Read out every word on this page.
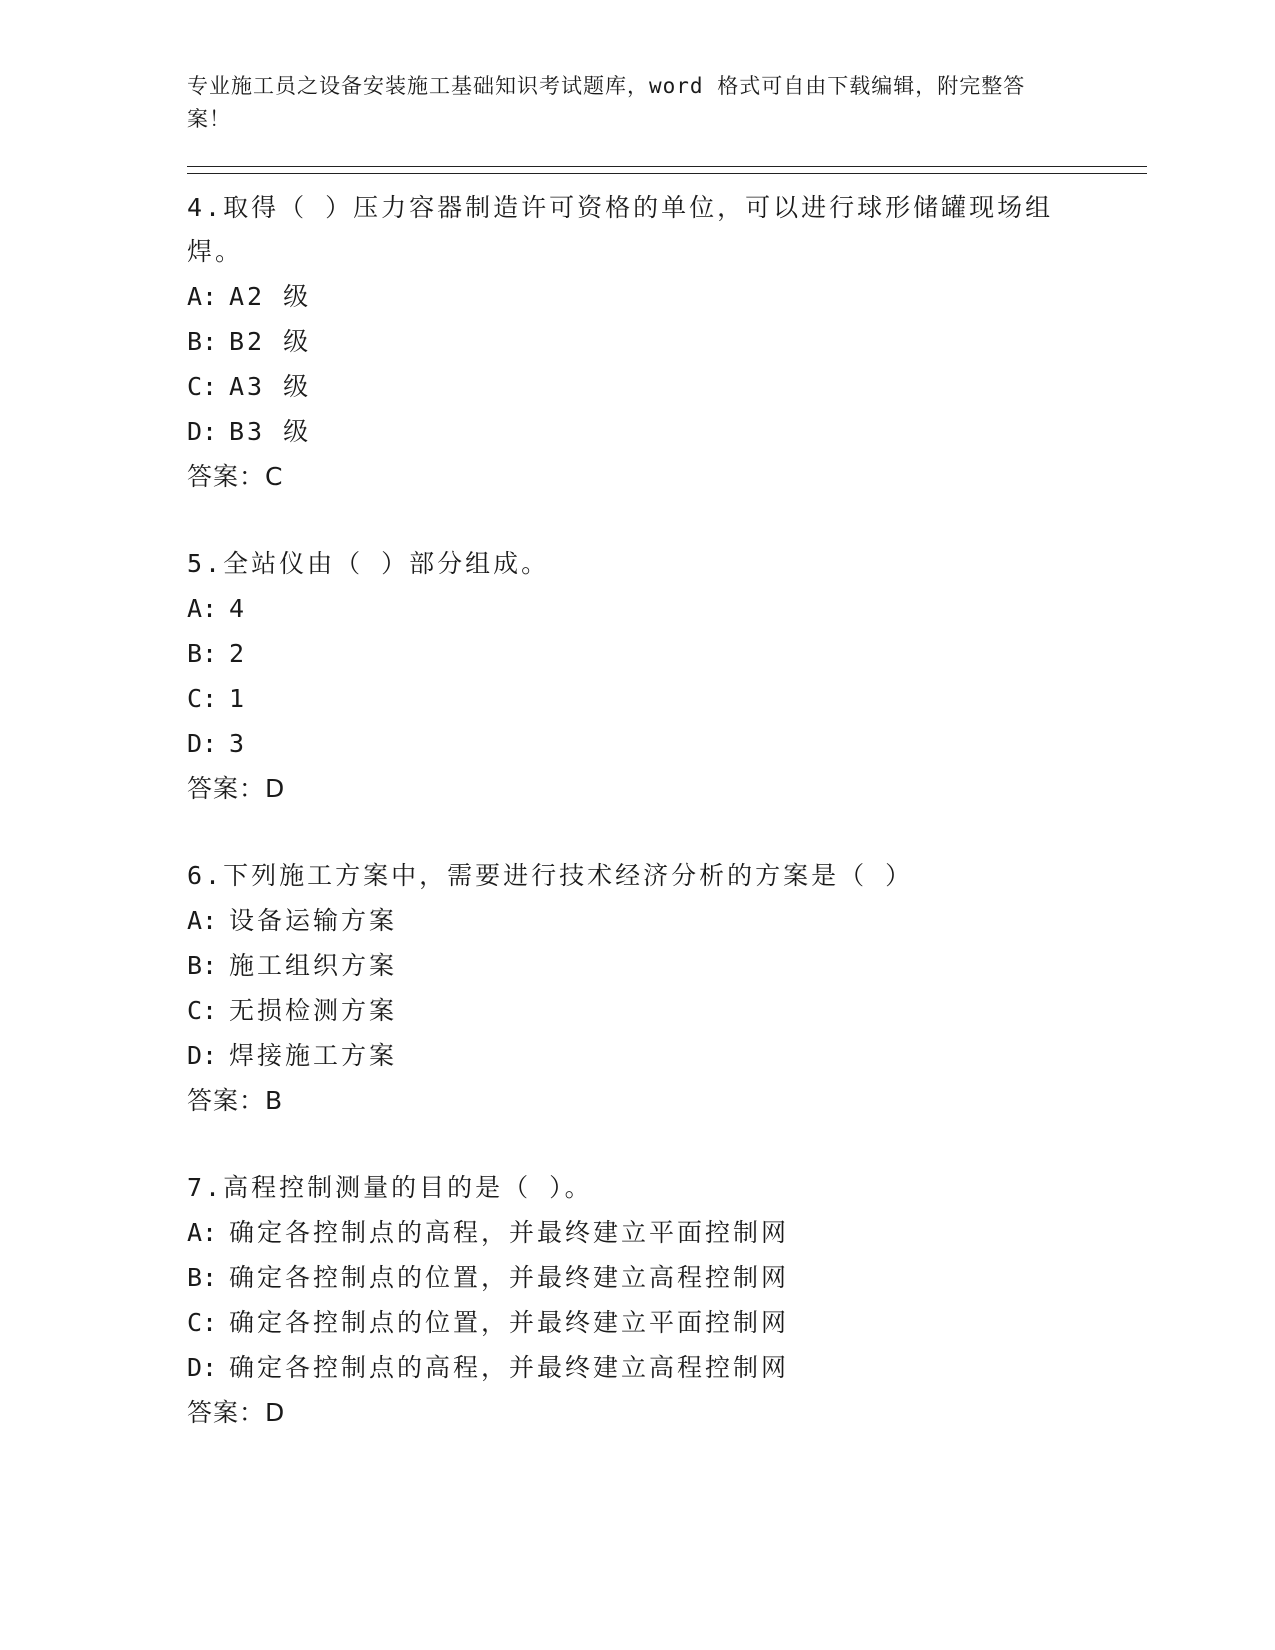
专业施工员之设备安装施工基础知识考试题库，word 格式可自由下载编辑，附完整答案！
4.取得（ ）压力容器制造许可资格的单位，可以进行球形储罐现场组焊。
A: A2 级
B: B2 级
C: A3 级
D: B3 级
答案：C
5.全站仪由（ ）部分组成。
A: 4
B: 2
C: 1
D: 3
答案：D
6.下列施工方案中，需要进行技术经济分析的方案是（ ）
A: 设备运输方案
B: 施工组织方案
C: 无损检测方案
D: 焊接施工方案
答案：B
7.高程控制测量的目的是（ ）。
A: 确定各控制点的高程，并最终建立平面控制网
B: 确定各控制点的位置，并最终建立高程控制网
C: 确定各控制点的位置，并最终建立平面控制网
D: 确定各控制点的高程，并最终建立高程控制网
答案：D
